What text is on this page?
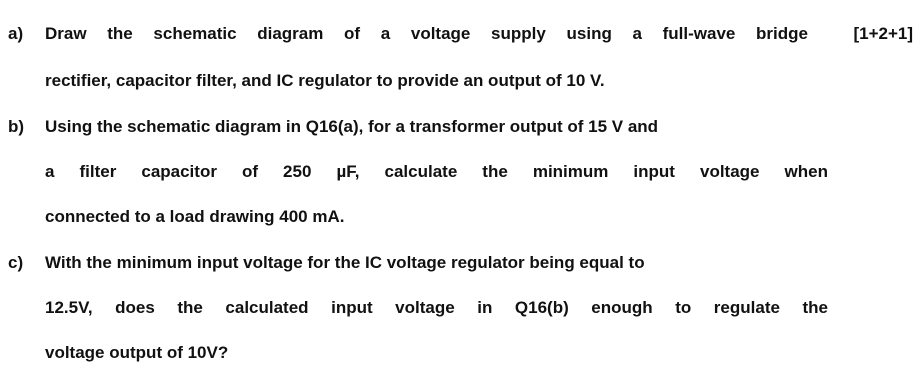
a) Draw the schematic diagram of a voltage supply using a full-wave bridge	[1+2+1]
rectifier, capacitor filter, and IC regulator to provide an output of 10 V.
b) Using the schematic diagram in Q16(a), for a transformer output of 15 V and
a filter capacitor of 250 µF, calculate the minimum input voltage when
connected to a load drawing 400 mA.
c) With the minimum input voltage for the IC voltage regulator being equal to
12.5V, does the calculated input voltage in Q16(b) enough to regulate the
voltage output of 10V?
